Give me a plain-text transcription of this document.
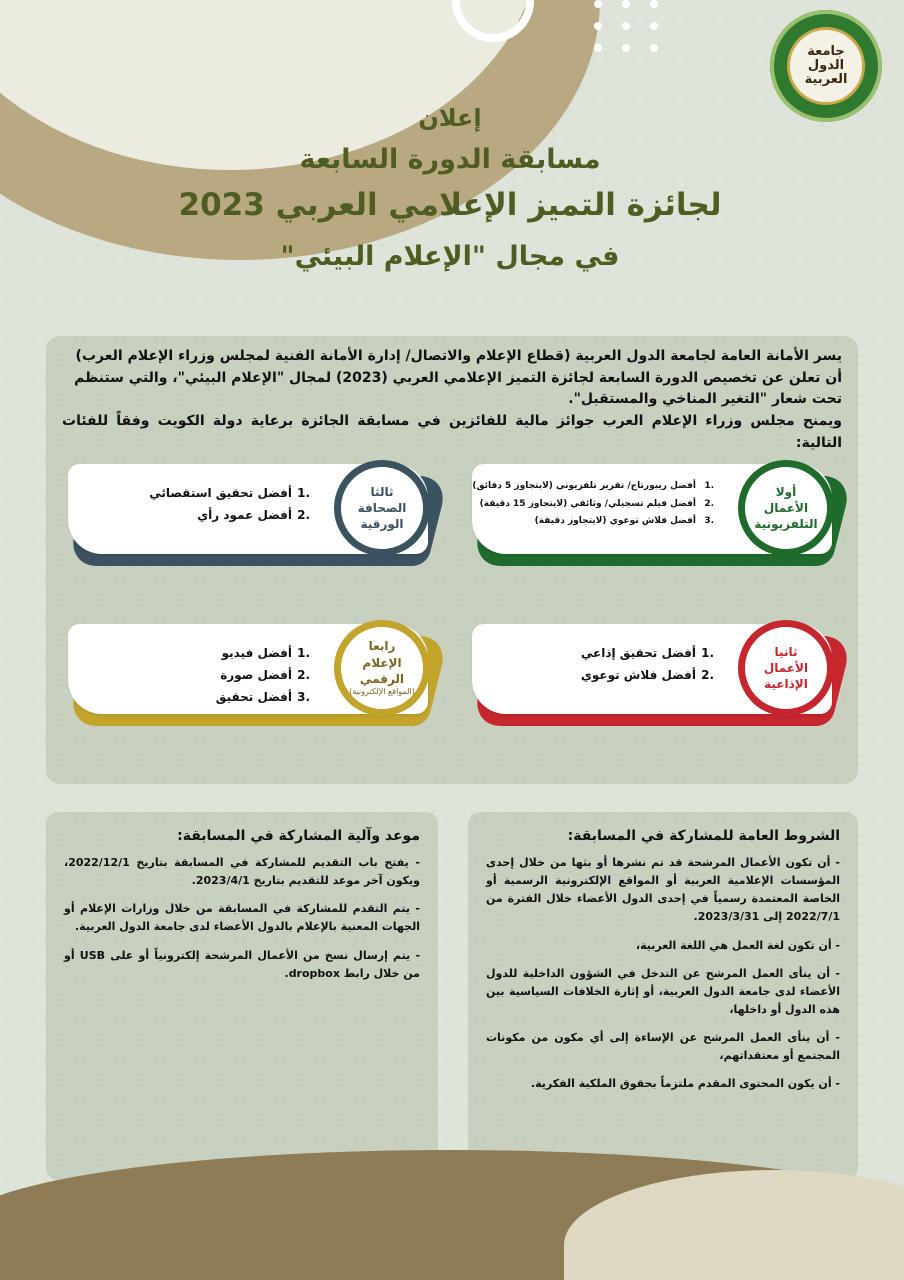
جامعة الدول العربية
إعلان
مسابقة الدورة السابعة
لجائزة التميز الإعلامي العربي 2023
في مجال "الإعلام البيئي"
يسر الأمانة العامة لجامعة الدول العربية (قطاع الإعلام والاتصال/ إدارة الأمانة الفنية لمجلس وزراء الإعلام العرب)
أن تعلن عن تخصيص الدورة السابعة لجائزة التميز الإعلامي العربي (2023) لمجال "الإعلام البيئي"، والتي ستنظم
تحت شعار "التغير المناخي والمستقبل".
ويمنح مجلس وزراء الإعلام العرب جوائز مالية للفائزين في مسابقة الجائزة برعاية دولة الكويت وفقاً للفئات التالية:
أولا
الأعمال
التلفزيونية
.1أفضل ريبورتاج/ تقرير تلفزيوني (لايتجاوز 5 دقائق)
.2أفضل فيلم تسجيلي/ وثائقي (لايتجاوز 15 دقيقة)
.3أفضل فلاش توعوي (لايتجاوز دقيقة)
ثالثا
الصحافة
الورقية
.1أفضل تحقيق استقصائي
.2أفضل عمود رأي
ثانيا
الأعمال
الإذاعية
.1أفضل تحقيق إذاعي
.2أفضل فلاش توعوي
رابعا
الإعلام الرقمي
(المواقع الإلكترونية)
.1أفضل فيديو
.2أفضل صورة
.3أفضل تحقيق
الشروط العامة للمشاركة في المسابقة:

- أن تكون الأعمال المرشحة قد تم نشرها أو بثها من خلال إحدى المؤسسات الإعلامية العربية أو المواقع الإلكترونية الرسمية أو الخاصة المعتمدة رسمياً في إحدى الدول الأعضاء خلال الفترة من 2022/7/1 إلى 2023/3/31.

- أن تكون لغة العمل هي اللغة العربية،

- أن ينأى العمل المرشح عن التدخل في الشؤون الداخلية للدول الأعضاء لدى جامعة الدول العربية، أو إثارة الخلافات السياسية بين هذه الدول أو داخلها،

- أن ينأى العمل المرشح عن الإساءة إلى أي مكون من مكونات المجتمع أو معتقداتهم،

- أن يكون المحتوى المقدم ملتزماً بحقوق الملكية الفكرية.

موعد وآلية المشاركة في المسابقة:

- يفتح باب التقديم للمشاركة في المسابقة بتاريخ 2022/12/1، ويكون آخر موعد للتقديم بتاريخ 2023/4/1.

- يتم التقدم للمشاركة في المسابقة من خلال وزارات الإعلام أو الجهات المعنية بالإعلام بالدول الأعضاء لدى جامعة الدول العربية.

- يتم إرسال نسخ من الأعمال المرشحة إلكترونياً أو على USB أو من خلال رابط dropbox.
